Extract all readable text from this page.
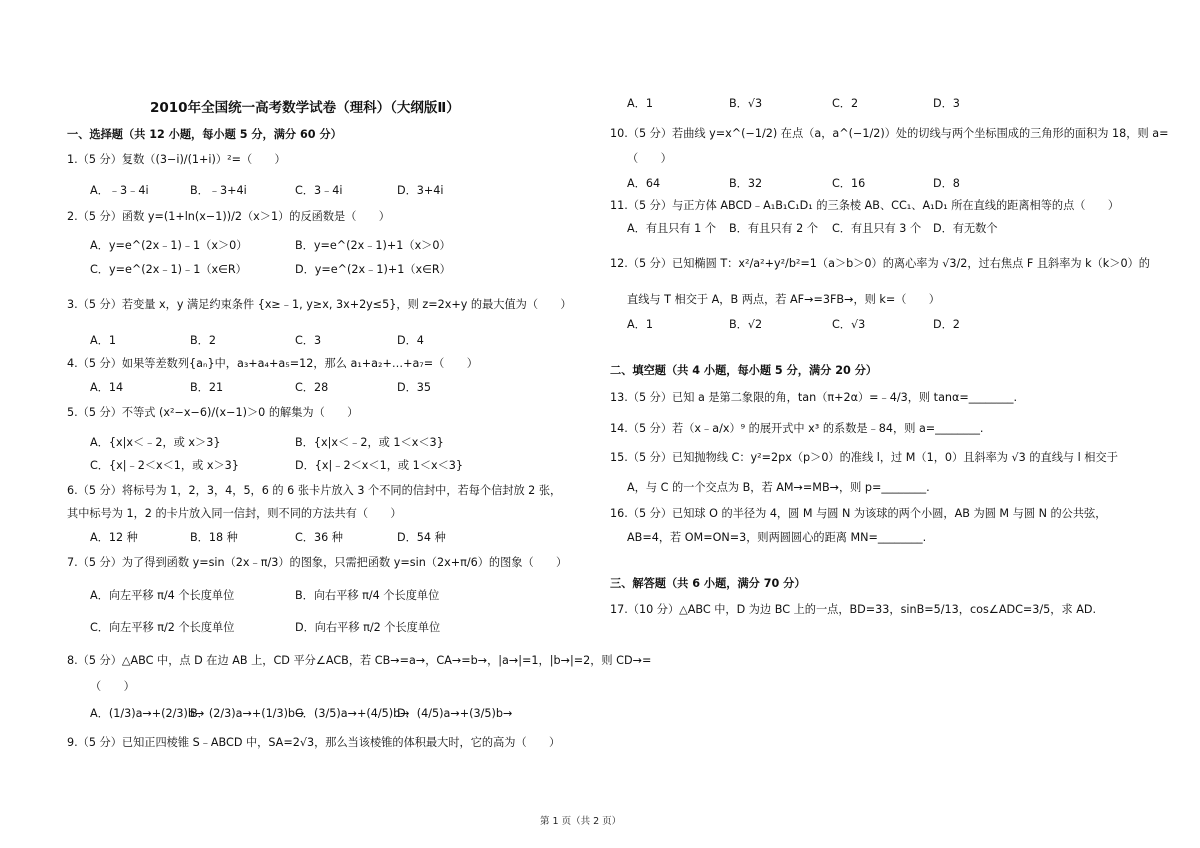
2010年全国统一高考数学试卷（理科）（大纲版Ⅱ）
一、选择题（共 12 小题，每小题 5 分，满分 60 分）
1.（5 分）复数（(3−i)/(1+i)）²=（　　）
A．﹣3﹣4i	B．﹣3+4i	C．3﹣4i	D．3+4i
2.（5 分）函数 y=(1+ln(x−1))/2（x＞1）的反函数是（　　）
A．y=e^(2x﹣1)﹣1（x＞0）	B．y=e^(2x﹣1)+1（x＞0）
C．y=e^(2x﹣1)﹣1（x∈R）	D．y=e^(2x﹣1)+1（x∈R）
3.（5 分）若变量 x，y 满足约束条件 {x≥﹣1, y≥x, 3x+2y≤5}，则 z=2x+y 的最大值为（　　）
A．1	B．2	C．3	D．4
4.（5 分）如果等差数列{aₙ}中，a₃+a₄+a₅=12，那么 a₁+a₂+…+a₇=（　　）
A．14	B．21	C．28	D．35
5.（5 分）不等式 (x²−x−6)/(x−1)＞0 的解集为（　　）
A．{x|x＜﹣2，或 x＞3}	B．{x|x＜﹣2，或 1＜x＜3}
C．{x|﹣2＜x＜1，或 x＞3}	D．{x|﹣2＜x＜1，或 1＜x＜3}
6.（5 分）将标号为 1，2，3，4，5，6 的 6 张卡片放入 3 个不同的信封中，若每个信封放 2 张，
其中标号为 1，2 的卡片放入同一信封，则不同的方法共有（　　）
A．12 种	B．18 种	C．36 种	D．54 种
7.（5 分）为了得到函数 y=sin（2x﹣π/3）的图象，只需把函数 y=sin（2x+π/6）的图象（　　）
A．向左平移 π/4 个长度单位	B．向右平移 π/4 个长度单位
C．向左平移 π/2 个长度单位	D．向右平移 π/2 个长度单位
8.（5 分）△ABC 中，点 D 在边 AB 上，CD 平分∠ACB，若 CB→=a→，CA→=b→，|a→|=1，|b→|=2，则 CD→=
（　　）
A．(1/3)a→+(2/3)b→
B．(2/3)a→+(1/3)b→
C．(3/5)a→+(4/5)b→
D．(4/5)a→+(3/5)b→
9.（5 分）已知正四棱锥 S﹣ABCD 中，SA=2√3，那么当该棱锥的体积最大时，它的高为（　　）
A．1	B．√3	C．2	D．3
10.（5 分）若曲线 y=x^(−1/2) 在点（a，a^(−1/2)）处的切线与两个坐标围成的三角形的面积为 18，则 a=
（　　）
A．64	B．32	C．16	D．8
11.（5 分）与正方体 ABCD﹣A₁B₁C₁D₁ 的三条棱 AB、CC₁、A₁D₁ 所在直线的距离相等的点（　　）
A．有且只有 1 个 B．有且只有 2 个 C．有且只有 3 个 D．有无数个
12.（5 分）已知椭圆 T：x²/a²+y²/b²=1（a＞b＞0）的离心率为 √3/2，过右焦点 F 且斜率为 k（k＞0）的
直线与 T 相交于 A，B 两点，若 AF→=3FB→，则 k=（　　）
A．1	B．√2	C．√3	D．2
二、填空题（共 4 小题，每小题 5 分，满分 20 分）
13.（5 分）已知 a 是第二象限的角，tan（π+2α）=﹣4/3，则 tanα=________.
14.（5 分）若（x﹣a/x）⁹ 的展开式中 x³ 的系数是﹣84，则 a=________.
15.（5 分）已知抛物线 C：y²=2px（p＞0）的准线 l，过 M（1，0）且斜率为 √3 的直线与 l 相交于
A，与 C 的一个交点为 B，若 AM→=MB→，则 p=________.
16.（5 分）已知球 O 的半径为 4，圆 M 与圆 N 为该球的两个小圆，AB 为圆 M 与圆 N 的公共弦，
AB=4，若 OM=ON=3，则两圆圆心的距离 MN=________.
三、解答题（共 6 小题，满分 70 分）
17.（10 分）△ABC 中，D 为边 BC 上的一点，BD=33，sinB=5/13，cos∠ADC=3/5，求 AD.
第 1 页（共 2 页）
